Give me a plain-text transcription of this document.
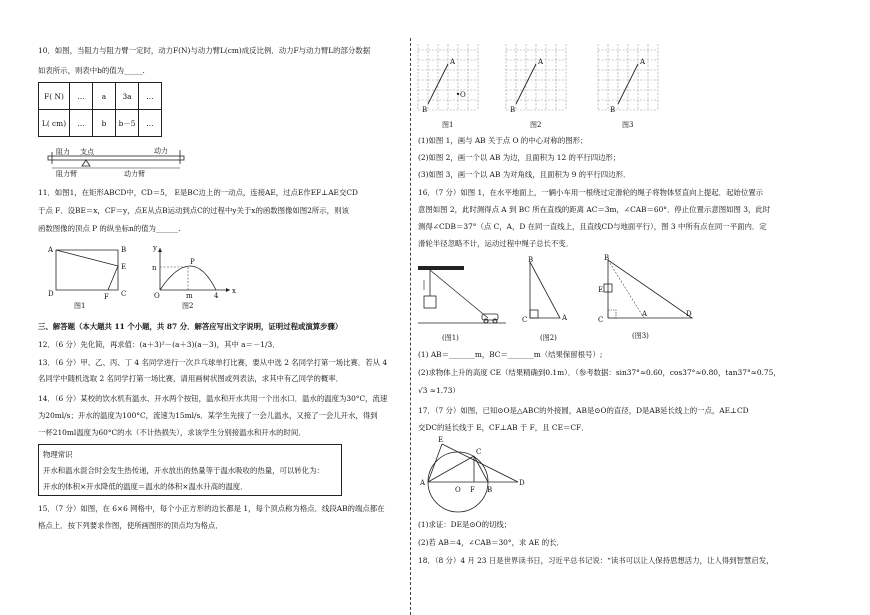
10．如图，当阻力与阻力臂一定时，动力F(N)与动力臂L(cm)成反比例．动力F与动力臂L的部分数据
如表所示，则表中b的值为_____.
F( N)	…	a	3a	…
L( cm)	…	b	b－5	…
阻力 支点	动力
阻力臂	动力臂
11．如图1，在矩形ABCD中，CD＝5， E是BC边上的一动点，连接AE，过点E作EF⊥AE交CD
于点 F．设BE＝x，CF＝y，点E从点B运动到点C的过程中y关于x的函数图像如图2所示，则该
函数图像的顶点 P 的纵坐标n的值为______.
A	B
C
D
E
F
图1
y
x
n
P
O	m	4
图2
三、解答题（本大题共 11 个小题，共 87 分．解答应写出文字说明，证明过程或演算步骤）
12．（6 分）先化简，再求值：(a＋3)²－(a＋3)(a－3)，其中 a＝－1/3．
13．（6 分）甲、乙、丙、丁 4 名同学进行一次乒乓球单打比赛，要从中选 2 名同学打第一场比赛．若从 4
名同学中随机选取 2 名同学打第一场比赛，请用画树状图或列表法，求其中有乙同学的概率．
14．（6 分）某校的饮水机有温水、开水两个按钮，温水和开水共用一个出水口．温水的温度为30°C，流速
为20ml/s；开水的温度为100°C，流速为15ml/s．某学生先接了一会儿温水，又接了一会儿开水，得到
一杯210ml温度为60°C的水（不计热损失），求该学生分别接温水和开水的时间．
物理常识
开水和温水混合时会发生热传递，开水放出的热量等于温水吸收的热量，可以转化为：
开水的体积×开水降低的温度＝温水的体积×温水升高的温度．
15．（7 分）如图，在 6×6 网格中，每个小正方形的边长都是 1，每个顶点称为格点．线段AB的端点都在
格点上．按下列要求作图，使所画图形的顶点均为格点．
A
B
O
图1
A
B
图2
A
B
图3
(1)如图 1，画与 AB 关于点 O 的中心对称的图形；
(2)如图 2，画一个以 AB 为边，且面积为 12 的平行四边形；
(3)如图 3，画一个以 AB 为对角线，且面积为 9 的平行四边形．
16．（7 分）如图 1，在水平地面上，一辆小车用一根绕过定滑轮的绳子将物体竖直向上提起．起始位置示
意图如图 2，此时测得点 A 到 BC 所在直线的距离 AC＝3m，∠CAB＝60°．停止位置示意图如图 3，此时
测得∠CDB＝37°（点 C，A，D 在同一直线上，且直线CD与地面平行），图 3 中所有点在同一平面内．定
滑轮半径忽略不计，运动过程中绳子总长不变．
(图1)
B
C	A
(图2)
B
E
C
A	D
(图3)
(1) AB＝_______m，BC＝_______m（结果保留根号）;
(2)求物体上升的高度 CE（结果精确到0.1m）．（参考数据：sin37°≈0.60，cos37°≈0.80，tan37°≈0.75，
√3 ≈1.73）
17．（7 分）如图，已知⊙O是△ABC的外接圆，AB是⊙O的直径，D是AB延长线上的一点，AE⊥CD
交DC的延长线于 E，CF⊥AB 于 F，且 CE＝CF．
E
C
A
O F B
D
(1)求证：DE是⊙O的切线；
(2)若 AB＝4，∠CAB＝30°，求 AE 的长．
18．（8 分）4 月 23 日是世界读书日，习近平总书记说：“读书可以让人保持思想活力，让人得到智慧启发，
